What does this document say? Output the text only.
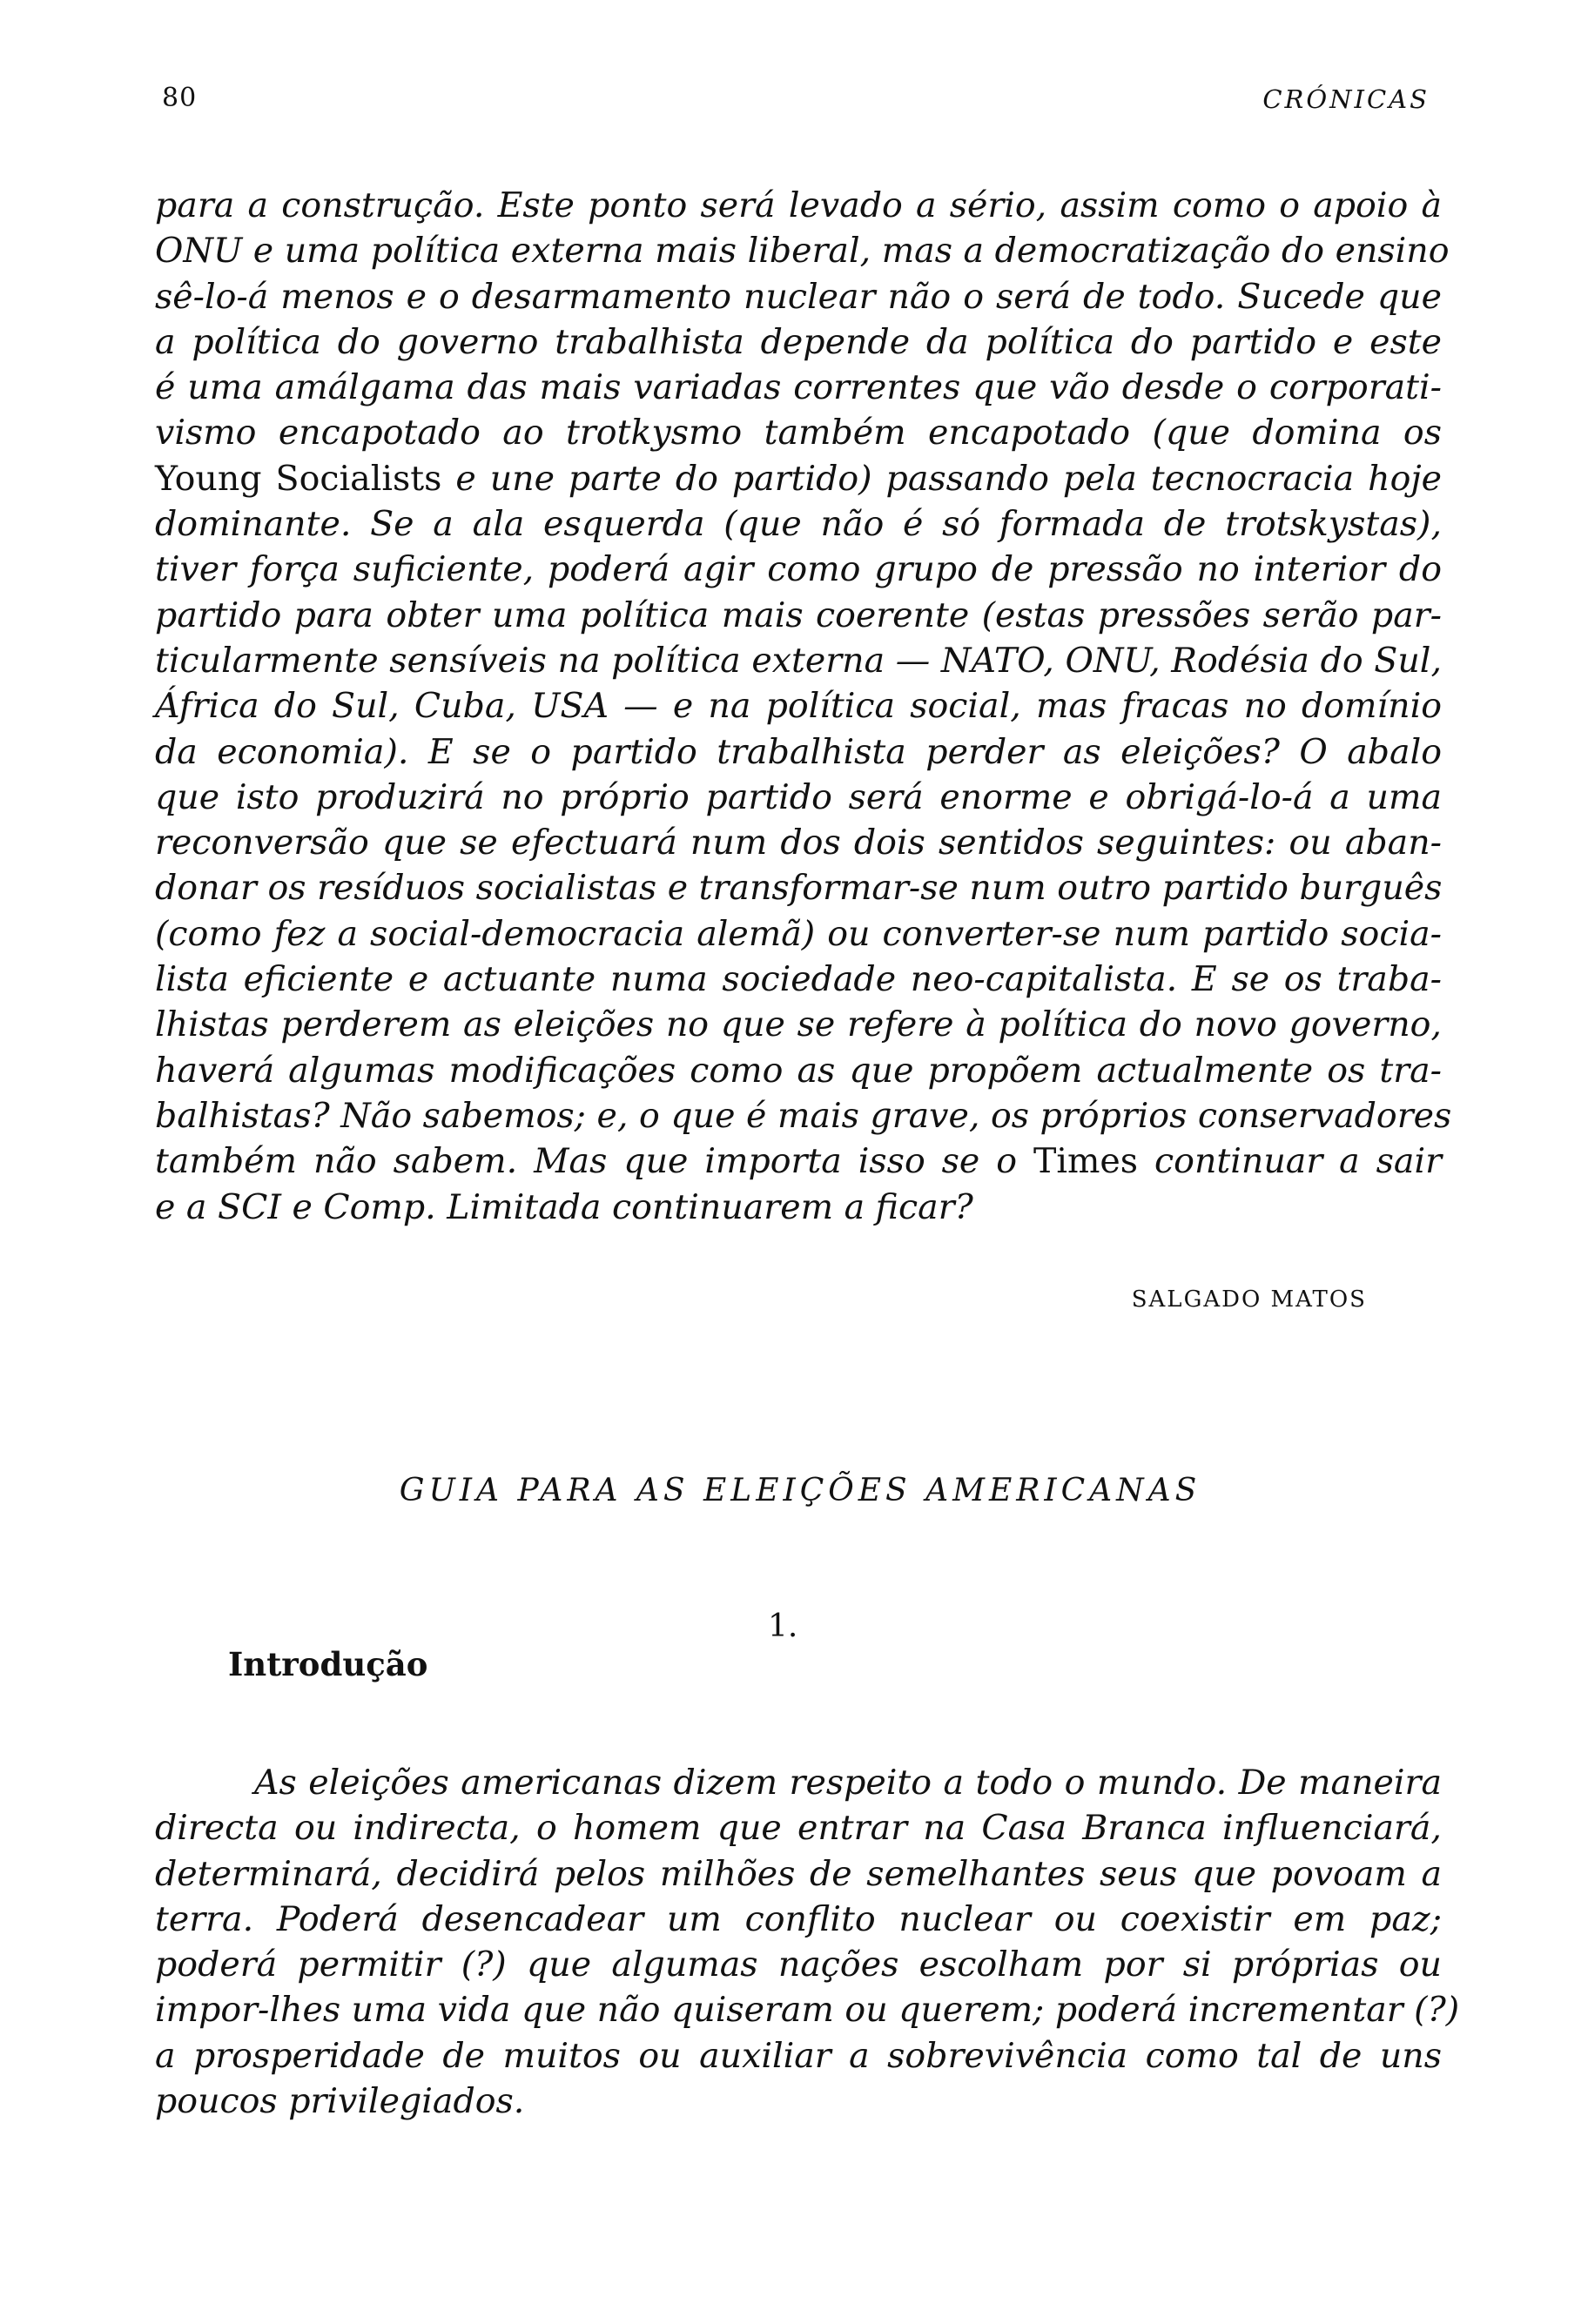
80	CRÓNICAS
para a construção. Este ponto será levado a sério, assim como o apoio à
ONU e uma política externa mais liberal, mas a democratização do ensino
sê-lo-á menos e o desarmamento nuclear não o será de todo. Sucede que
a política do governo trabalhista depende da política do partido e este
é uma amálgama das mais variadas correntes que vão desde o corporati-
vismo encapotado ao trotkysmo também encapotado (que domina os
Young Socialists e une parte do partido) passando pela tecnocracia hoje
dominante. Se a ala esquerda (que não é só formada de trotskystas),
tiver força suficiente, poderá agir como grupo de pressão no interior do
partido para obter uma política mais coerente (estas pressões serão par-
ticularmente sensíveis na política externa — NATO, ONU, Rodésia do Sul,
África do Sul, Cuba, USA — e na política social, mas fracas no domínio
da economia). E se o partido trabalhista perder as eleições? O abalo
que isto produzirá no próprio partido será enorme e obrigá-lo-á a uma
reconversão que se efectuará num dos dois sentidos seguintes: ou aban-
donar os resíduos socialistas e transformar-se num outro partido burguês
(como fez a social-democracia alemã) ou converter-se num partido socia-
lista eficiente e actuante numa sociedade neo-capitalista. E se os traba-
lhistas perderem as eleições no que se refere à política do novo governo,
haverá algumas modificações como as que propõem actualmente os tra-
balhistas? Não sabemos; e, o que é mais grave, os próprios conservadores
também não sabem. Mas que importa isso se o Times continuar a sair
e a SCI e Comp. Limitada continuarem a ficar?
SALGADO MATOS
GUIA PARA AS ELEIÇÕES AMERICANAS
1.
Introdução
As eleições americanas dizem respeito a todo o mundo. De maneira
directa ou indirecta, o homem que entrar na Casa Branca influenciará,
determinará, decidirá pelos milhões de semelhantes seus que povoam a
terra. Poderá desencadear um conflito nuclear ou coexistir em paz;
poderá permitir (?) que algumas nações escolham por si próprias ou
impor-lhes uma vida que não quiseram ou querem; poderá incrementar (?)
a prosperidade de muitos ou auxiliar a sobrevivência como tal de uns
poucos privilegiados.
